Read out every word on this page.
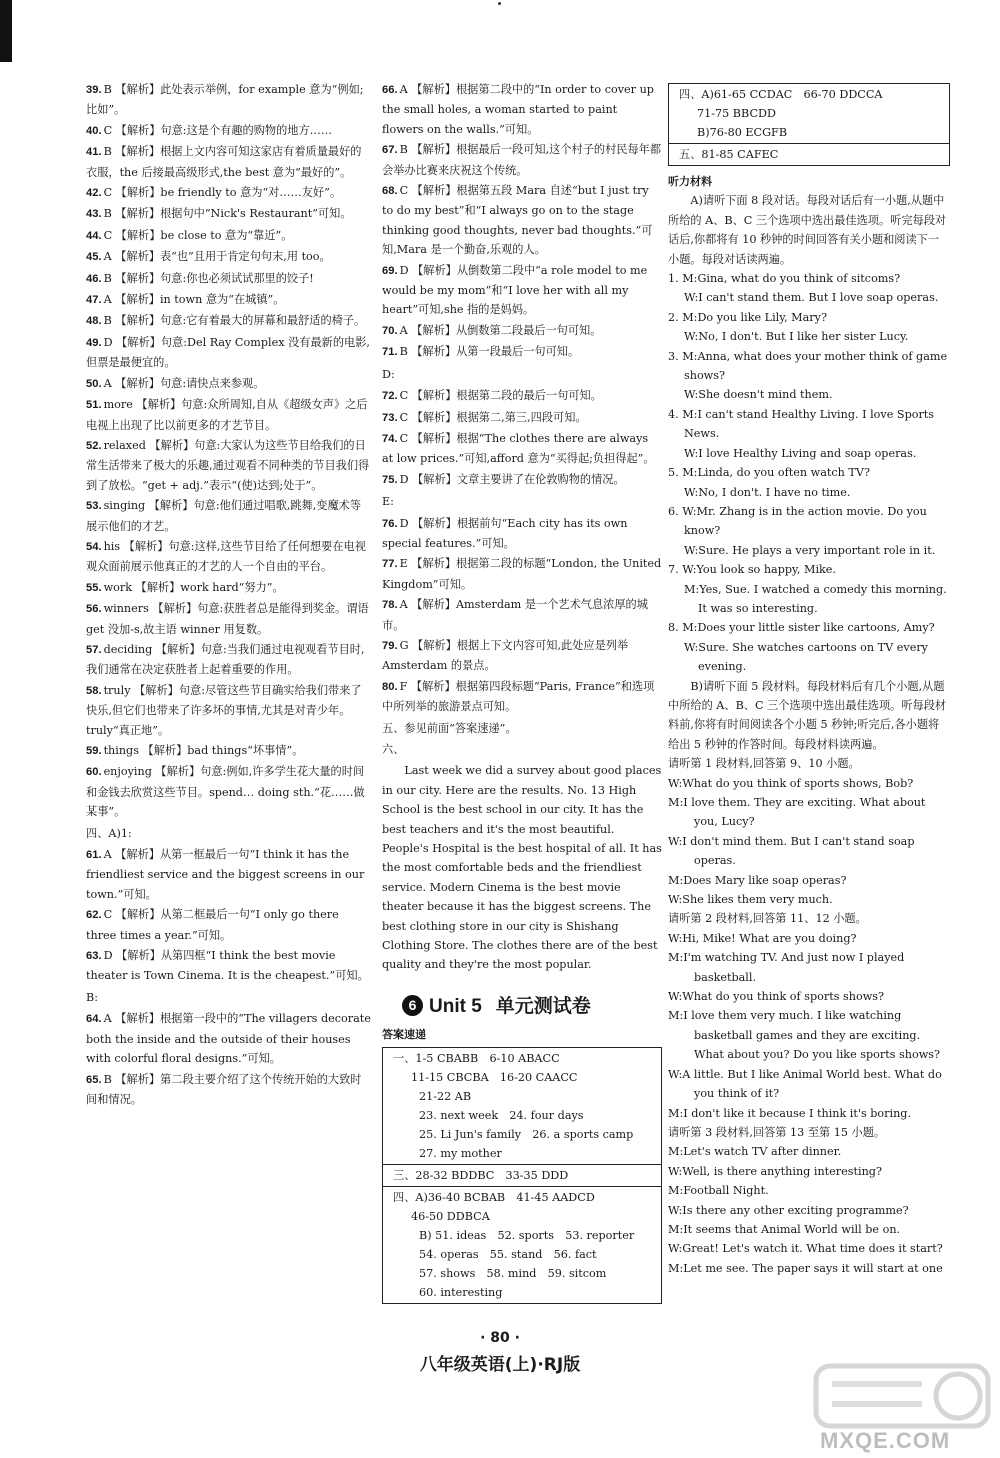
39. B 【解析】此处表示举例，for example 意为“例如;比如”。
40. C 【解析】句意:这是个有趣的购物的地方……
41. B 【解析】根据上文内容可知这家店有着质量最好的衣服，the 后接最高级形式,the best 意为“最好的”。
42. C 【解析】be friendly to 意为“对……友好”。
43. B 【解析】根据句中“Nick's Restaurant”可知。
44. C 【解析】be close to 意为“靠近”。
45. A 【解析】表“也”且用于肯定句句末,用 too。
46. B 【解析】句意:你也必须试试那里的饺子!
47. A 【解析】in town 意为“在城镇”。
48. B 【解析】句意:它有着最大的屏幕和最舒适的椅子。
49. D 【解析】句意:Del Ray Complex 没有最新的电影,但票是最便宜的。
50. A 【解析】句意:请快点来参观。
51. more 【解析】句意:众所周知,自从《超级女声》之后电视上出现了比以前更多的才艺节目。
52. relaxed 【解析】句意:大家认为这些节目给我们的日常生活带来了极大的乐趣,通过观看不同种类的节目我们得到了放松。“get + adj.”表示“(使)达到;处于”。
53. singing 【解析】句意:他们通过唱歌,跳舞,变魔术等展示他们的才艺。
54. his 【解析】句意:这样,这些节目给了任何想要在电视观众面前展示他真正的才艺的人一个自由的平台。
55. work 【解析】work hard“努力”。
56. winners 【解析】句意:获胜者总是能得到奖金。谓语 get 没加-s,故主语 winner 用复数。
57. deciding 【解析】句意:当我们通过电视观看节目时,我们通常在决定获胜者上起着重要的作用。
58. truly 【解析】句意:尽管这些节目确实给我们带来了快乐,但它们也带来了许多坏的事情,尤其是对青少年。truly“真正地”。
59. things 【解析】bad things“坏事情”。
60. enjoying 【解析】句意:例如,许多学生花大量的时间和金钱去欣赏这些节目。spend… doing sth.“花……做某事”。
四、A)1:
61. A 【解析】从第一框最后一句“I think it has the friendliest service and the biggest screens in our town.”可知。
62. C 【解析】从第二框最后一句“I only go there three times a year.”可知。
63. D 【解析】从第四框“I think the best movie theater is Town Cinema. It is the cheapest.”可知。
B:
64. A 【解析】根据第一段中的“The villagers decorate both the inside and the outside of their houses with colorful floral designs.”可知。
65. B 【解析】第二段主要介绍了这个传统开始的大致时间和情况。
66. A 【解析】根据第二段中的“In order to cover up the small holes, a woman started to paint flowers on the walls.”可知。
67. B 【解析】根据最后一段可知,这个村子的村民每年都会举办比赛来庆祝这个传统。
68. C 【解析】根据第五段 Mara 自述“but I just try to do my best”和“I always go on to the stage thinking good thoughts, never bad thoughts.”可知,Mara 是一个勤奋,乐观的人。
69. D 【解析】从倒数第二段中“a role model to me would be my mom”和“I love her with all my heart”可知,she 指的是妈妈。
70. A 【解析】从倒数第二段最后一句可知。
71. B 【解析】从第一段最后一句可知。
D:
72. C 【解析】根据第二段的最后一句可知。
73. C 【解析】根据第二,第三,四段可知。
74. C 【解析】根据“The clothes there are always at low prices.”可知,afford 意为“买得起;负担得起”。
75. D 【解析】文章主要讲了在伦敦购物的情况。
E:
76. D 【解析】根据前句“Each city has its own special features.”可知。
77. E 【解析】根据第二段的标题“London, the United Kingdom”可知。
78. A 【解析】Amsterdam 是一个艺术气息浓厚的城市。
79. G 【解析】根据上下文内容可知,此处应是列举 Amsterdam 的景点。
80. F 【解析】根据第四段标题“Paris, France”和选项中所列举的旅游景点可知。
五、参见前面“答案速递”。
六、
Last week we did a survey about good places in our city. Here are the results. No. 13 High School is the best school in our city. It has the best teachers and it's the most beautiful. People's Hospital is the best hospital of all. It has the most comfortable beds and the friendliest service. Modern Cinema is the best movie theater because it has the biggest screens. The best clothing store in our city is Shishang Clothing Store. The clothes there are of the best quality and they're the most popular.
6 Unit 5 单元测试卷
答案速递
一、1-5 CBABB　6-10 ABACC
11-15 CBCBA　16-20 CAACC
21-22 AB
23. next week　24. four days
25. Li Jun's family　26. a sports camp
27. my mother
三、28-32 BDDBC　33-35 DDD
四、A)36-40 BCBAB　41-45 AADCD
46-50 DDBCA
B) 51. ideas　52. sports　53. reporter
54. operas　55. stand　56. fact
57. shows　58. mind　59. sitcom
60. interesting
四、A)61-65 CCDAC　66-70 DDCCA
71-75 BBCDD
B)76-80 ECGFB
五、81-85 CAFEC
听力材料
A)请听下面 8 段对话。每段对话后有一小题,从题中所给的 A、B、C 三个选项中选出最佳选项。听完每段对话后,你都将有 10 秒钟的时间回答有关小题和阅读下一小题。每段对话读两遍。
1. M:Gina, what do you think of sitcoms?
W:I can't stand them. But I love soap operas.
2. M:Do you like Lily, Mary?
W:No, I don't. But I like her sister Lucy.
3. M:Anna, what does your mother think of game shows?
W:She doesn't mind them.
4. M:I can't stand Healthy Living. I love Sports News.
W:I love Healthy Living and soap operas.
5. M:Linda, do you often watch TV?
W:No, I don't. I have no time.
6. W:Mr. Zhang is in the action movie. Do you know?
W:Sure. He plays a very important role in it.
7. W:You look so happy, Mike.
M:Yes, Sue. I watched a comedy this morning. It was so interesting.
8. M:Does your little sister like cartoons, Amy?
W:Sure. She watches cartoons on TV every evening.
B)请听下面 5 段材料。每段材料后有几个小题,从题中所给的 A、B、C 三个选项中选出最佳选项。听每段材料前,你将有时间阅读各个小题 5 秒钟;听完后,各小题将给出 5 秒钟的作答时间。每段材料读两遍。
请听第 1 段材料,回答第 9、10 小题。
W:What do you think of sports shows, Bob?
M:I love them. They are exciting. What about you, Lucy?
W:I don't mind them. But I can't stand soap operas.
M:Does Mary like soap operas?
W:She likes them very much.
请听第 2 段材料,回答第 11、12 小题。
W:Hi, Mike! What are you doing?
M:I'm watching TV. And just now I played basketball.
W:What do you think of sports shows?
M:I love them very much. I like watching basketball games and they are exciting. What about you? Do you like sports shows?
W:A little. But I like Animal World best. What do you think of it?
M:I don't like it because I think it's boring.
请听第 3 段材料,回答第 13 至第 15 小题。
M:Let's watch TV after dinner.
W:Well, is there anything interesting?
M:Football Night.
W:Is there any other exciting programme?
M:It seems that Animal World will be on.
W:Great! Let's watch it. What time does it start?
M:Let me see. The paper says it will start at one
· 80 ·
八年级英语(上)·RJ版
MXQE.COM
